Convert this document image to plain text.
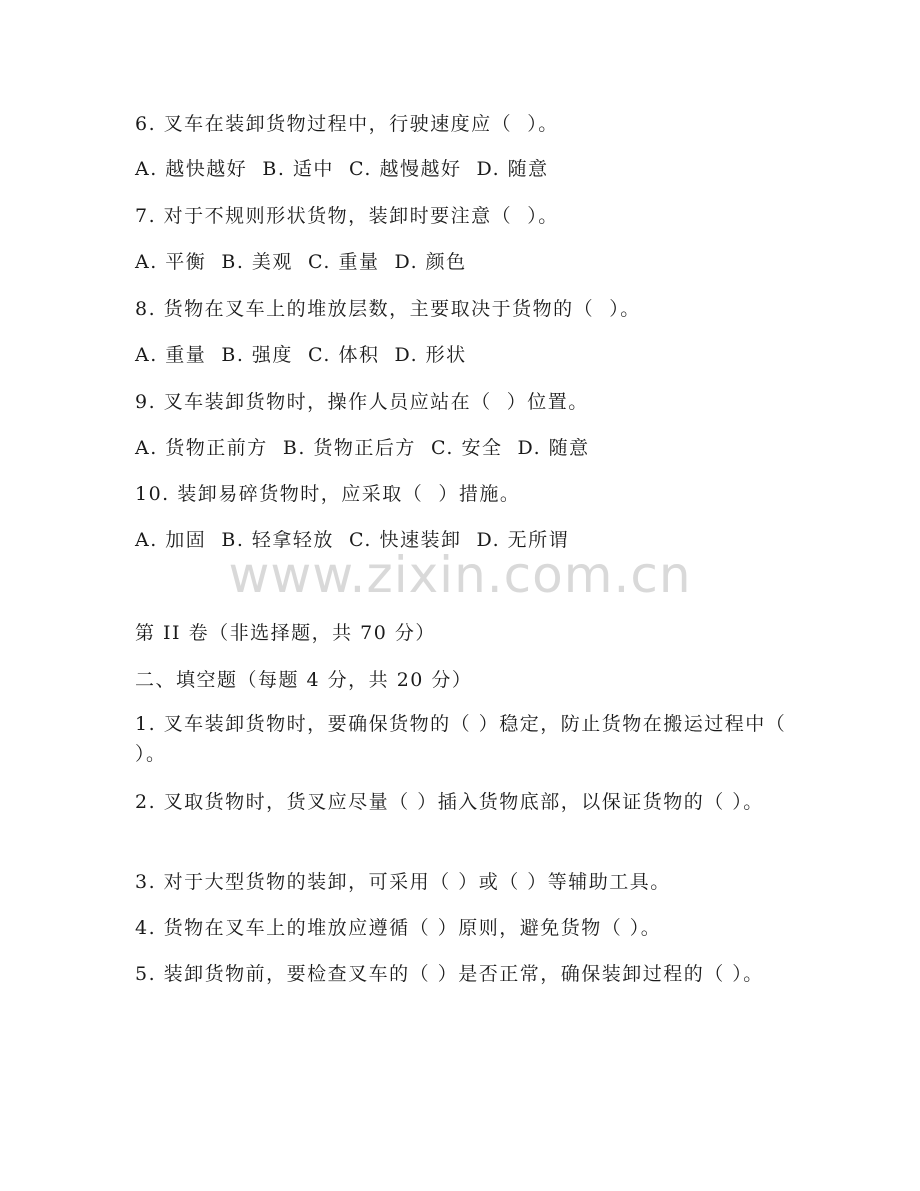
6. 叉车在装卸货物过程中，行驶速度应（  ）。
A. 越快越好  B. 适中  C. 越慢越好  D. 随意
7. 对于不规则形状货物，装卸时要注意（  ）。
A. 平衡  B. 美观  C. 重量  D. 颜色
8. 货物在叉车上的堆放层数，主要取决于货物的（  ）。
A. 重量  B. 强度  C. 体积  D. 形状
9. 叉车装卸货物时，操作人员应站在（  ）位置。
A. 货物正前方  B. 货物正后方  C. 安全  D. 随意
10. 装卸易碎货物时，应采取（  ）措施。
A. 加固  B. 轻拿轻放  C. 快速装卸  D. 无所谓
www.zixin.com.cn
第 II 卷（非选择题，共 70 分）
二、填空题（每题 4 分，共 20 分）
1. 叉车装卸货物时，要确保货物的（ ）稳定，防止货物在搬运过程中（ ）。
2. 叉取货物时，货叉应尽量（ ）插入货物底部，以保证货物的（ ）。
3. 对于大型货物的装卸，可采用（ ）或（ ）等辅助工具。
4. 货物在叉车上的堆放应遵循（ ）原则，避免货物（ ）。
5. 装卸货物前，要检查叉车的（ ）是否正常，确保装卸过程的（ ）。
